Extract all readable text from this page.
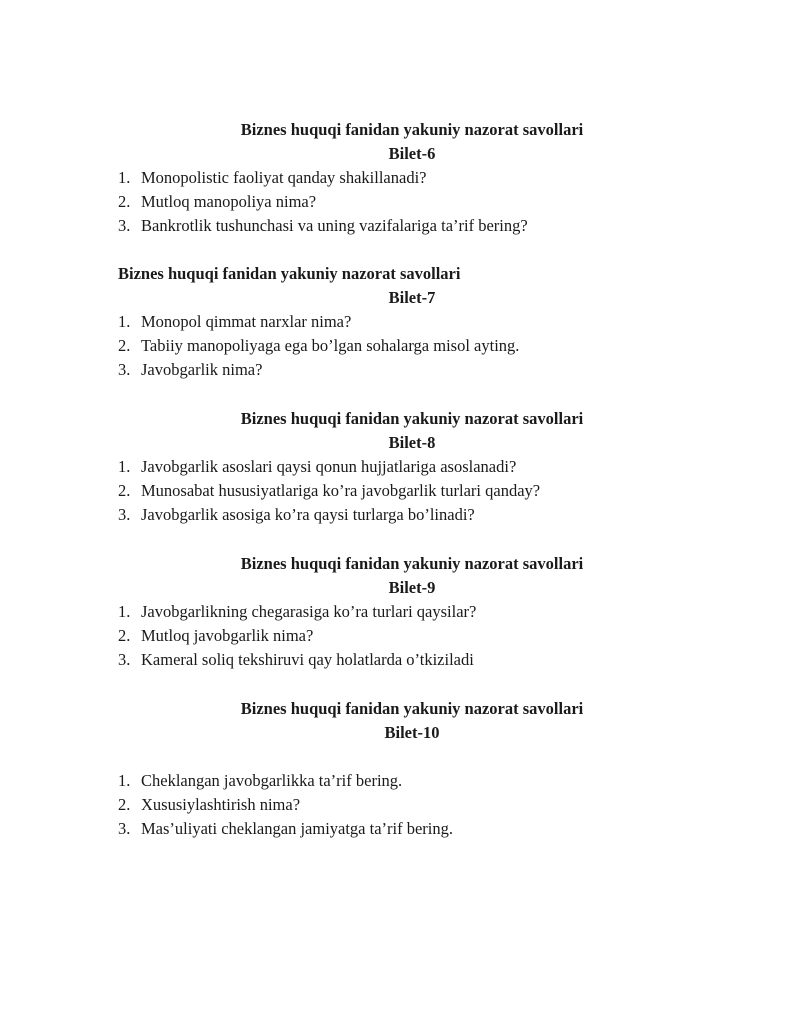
Biznes huquqi fanidan yakuniy nazorat savollari
Bilet-6
1. Monopolistic faoliyat qanday shakillanadi?
2. Mutloq manopoliya nima?
3. Bankrotlik tushunchasi va uning vazifalariga ta’rif bering?
Biznes huquqi fanidan yakuniy nazorat savollari
Bilet-7
1. Monopol qimmat narxlar nima?
2. Tabiiy manopoliyaga ega bo’lgan sohalarga misol ayting.
3. Javobgarlik nima?
Biznes huquqi fanidan yakuniy nazorat savollari
Bilet-8
1. Javobgarlik asoslari qaysi qonun hujjatlariga asoslanadi?
2. Munosabat hususiyatlariga ko’ra javobgarlik turlari qanday?
3. Javobgarlik asosiga ko’ra qaysi turlarga bo’linadi?
Biznes huquqi fanidan yakuniy nazorat savollari
Bilet-9
1. Javobgarlikning chegarasiga ko’ra turlari qaysilar?
2. Mutloq javobgarlik nima?
3. Kameral soliq tekshiruvi qay holatlarda o’tkiziladi
Biznes huquqi fanidan yakuniy nazorat savollari
Bilet-10
1. Cheklangan javobgarlikka ta’rif bering.
2. Xususiylashtirish nima?
3. Mas’uliyati cheklangan jamiyatga ta’rif bering.
